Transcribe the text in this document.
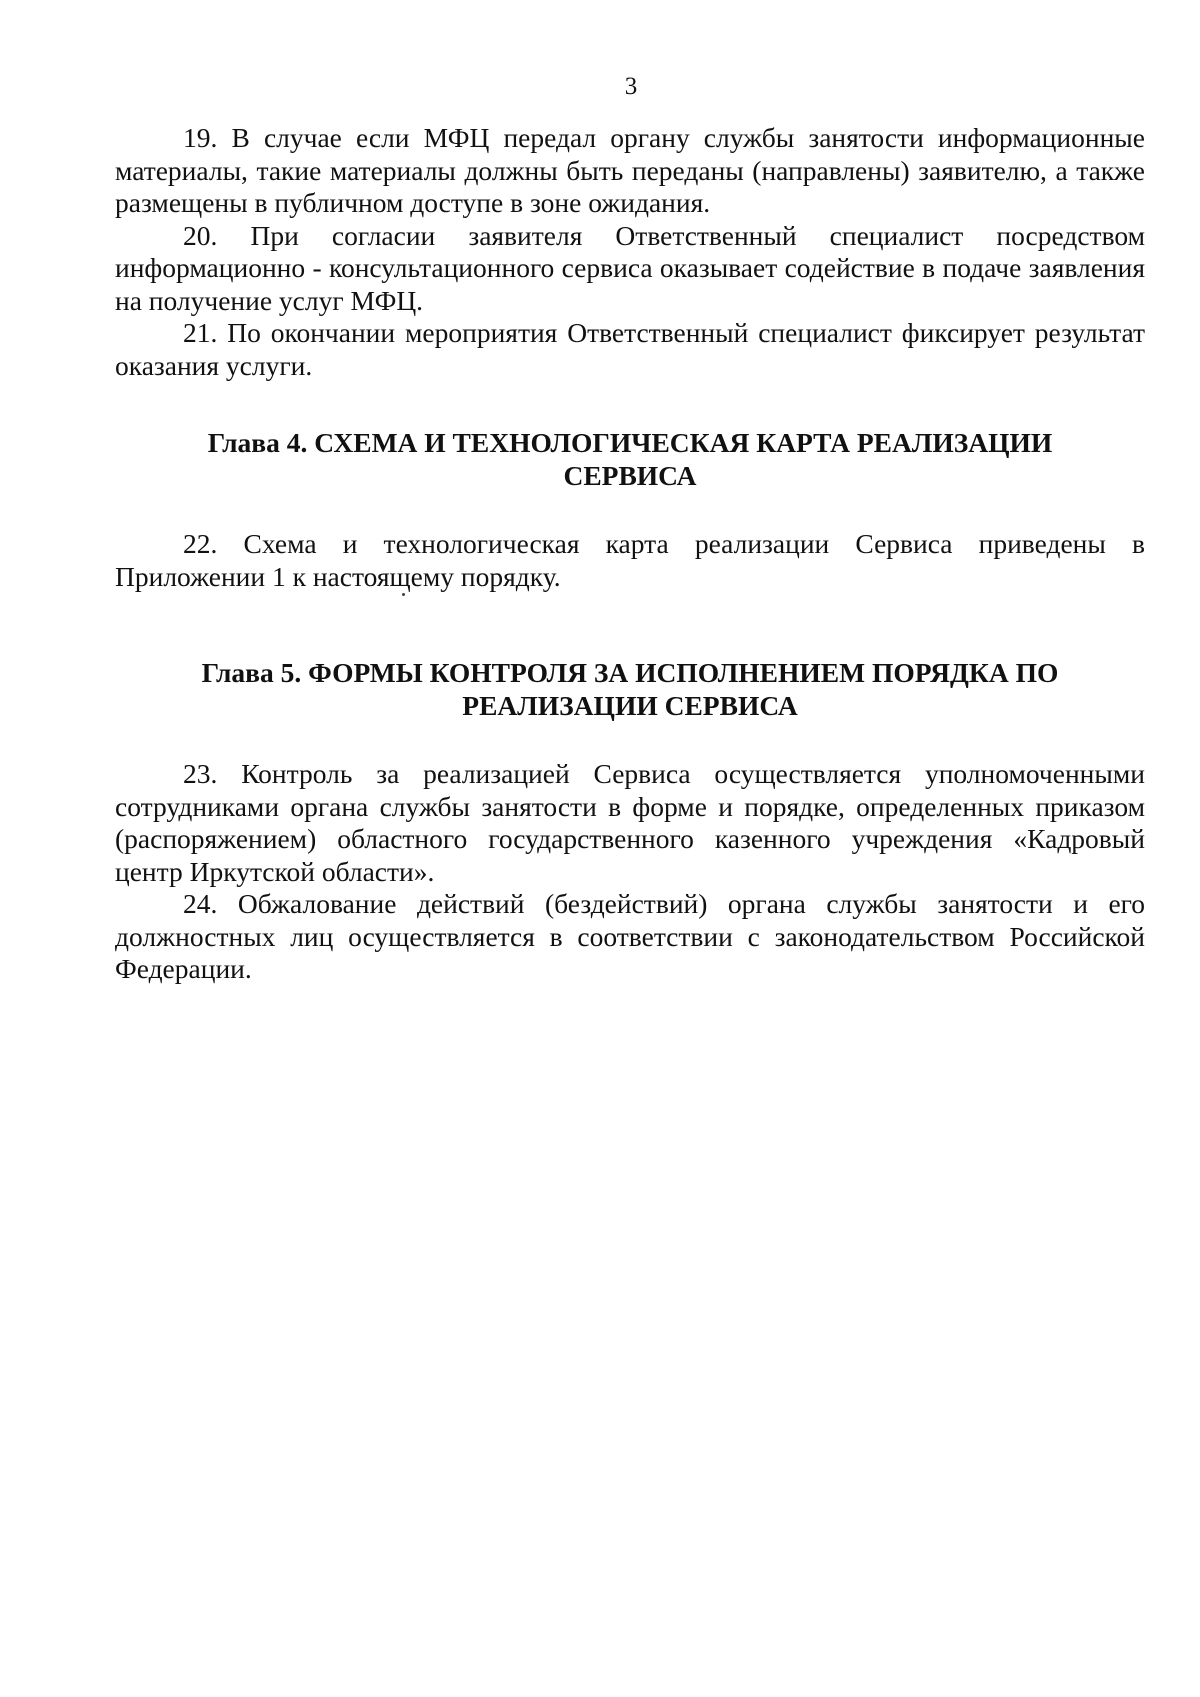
3

19. В случае если МФЦ передал органу службы занятости информационные материалы, такие материалы должны быть переданы (направлены) заявителю, а также размещены в публичном доступе в зоне ожидания.

20. При согласии заявителя Ответственный специалист посредством информационно - консультационного сервиса оказывает содействие в подаче заявления на получение услуг МФЦ.

21. По окончании мероприятия Ответственный специалист фиксирует результат оказания услуги.

Глава 4. СХЕМА И ТЕХНОЛОГИЧЕСКАЯ КАРТА РЕАЛИЗАЦИИ
СЕРВИСА

22. Схема и технологическая карта реализации Сервиса приведены в Приложении 1 к настоящему порядку.

Глава 5. ФОРМЫ КОНТРОЛЯ ЗА ИСПОЛНЕНИЕМ ПОРЯДКА ПО
РЕАЛИЗАЦИИ СЕРВИСА

23. Контроль за реализацией Сервиса осуществляется уполномоченными сотрудниками органа службы занятости в форме и порядке, определенных приказом (распоряжением) областного государственного казенного учреждения «Кадровый центр Иркутской области».

24. Обжалование действий (бездействий) органа службы занятости и его должностных лиц осуществляется в соответствии с законодательством Российской Федерации.
